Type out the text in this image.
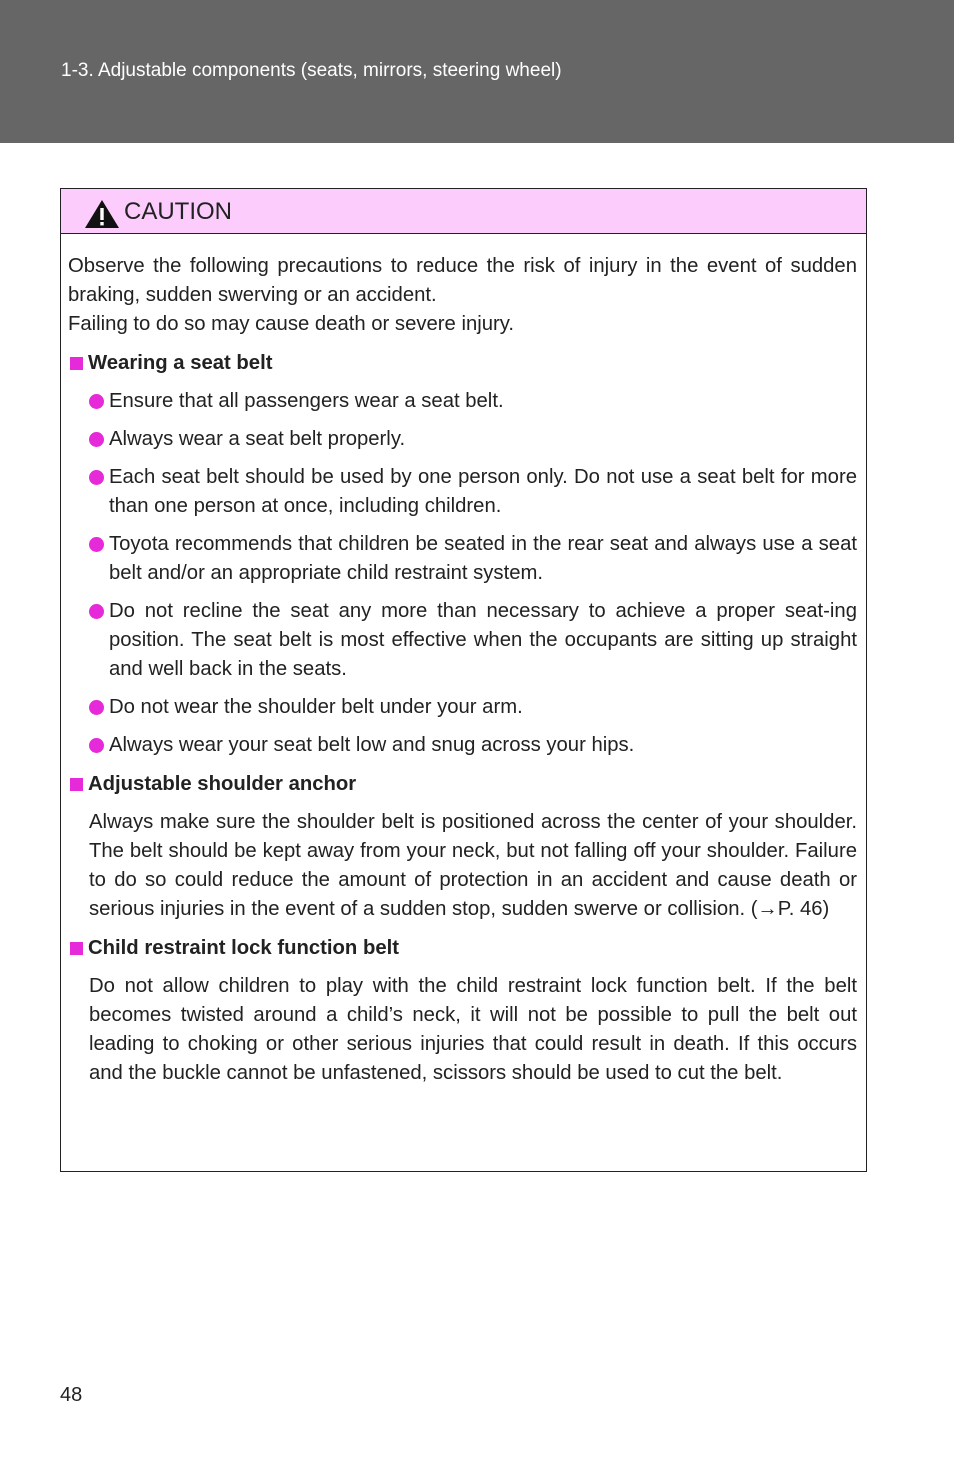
1-3. Adjustable components (seats, mirrors, steering wheel)
CAUTION

Observe the following precautions to reduce the risk of injury in the event of sudden braking, sudden swerving or an accident.

Failing to do so may cause death or severe injury.

Wearing a seat belt
Ensure that all passengers wear a seat belt.
Always wear a seat belt properly.
Each seat belt should be used by one person only. Do not use a seat belt for more than one person at once, including children.
Toyota recommends that children be seated in the rear seat and always use a seat belt and/or an appropriate child restraint system.
Do not recline the seat any more than necessary to achieve a proper seat-ing position. The seat belt is most effective when the occupants are sitting up straight and well back in the seats.
Do not wear the shoulder belt under your arm.
Always wear your seat belt low and snug across your hips.
Adjustable shoulder anchor
Always make sure the shoulder belt is positioned across the center of your shoulder. The belt should be kept away from your neck, but not falling off your shoulder. Failure to do so could reduce the amount of protection in an accident and cause death or serious injuries in the event of a sudden stop, sudden swerve or collision. (→P. 46)
Child restraint lock function belt
Do not allow children to play with the child restraint lock function belt. If the belt becomes twisted around a child’s neck, it will not be possible to pull the belt out leading to choking or other serious injuries that could result in death. If this occurs and the buckle cannot be unfastened, scissors should be used to cut the belt.
48
